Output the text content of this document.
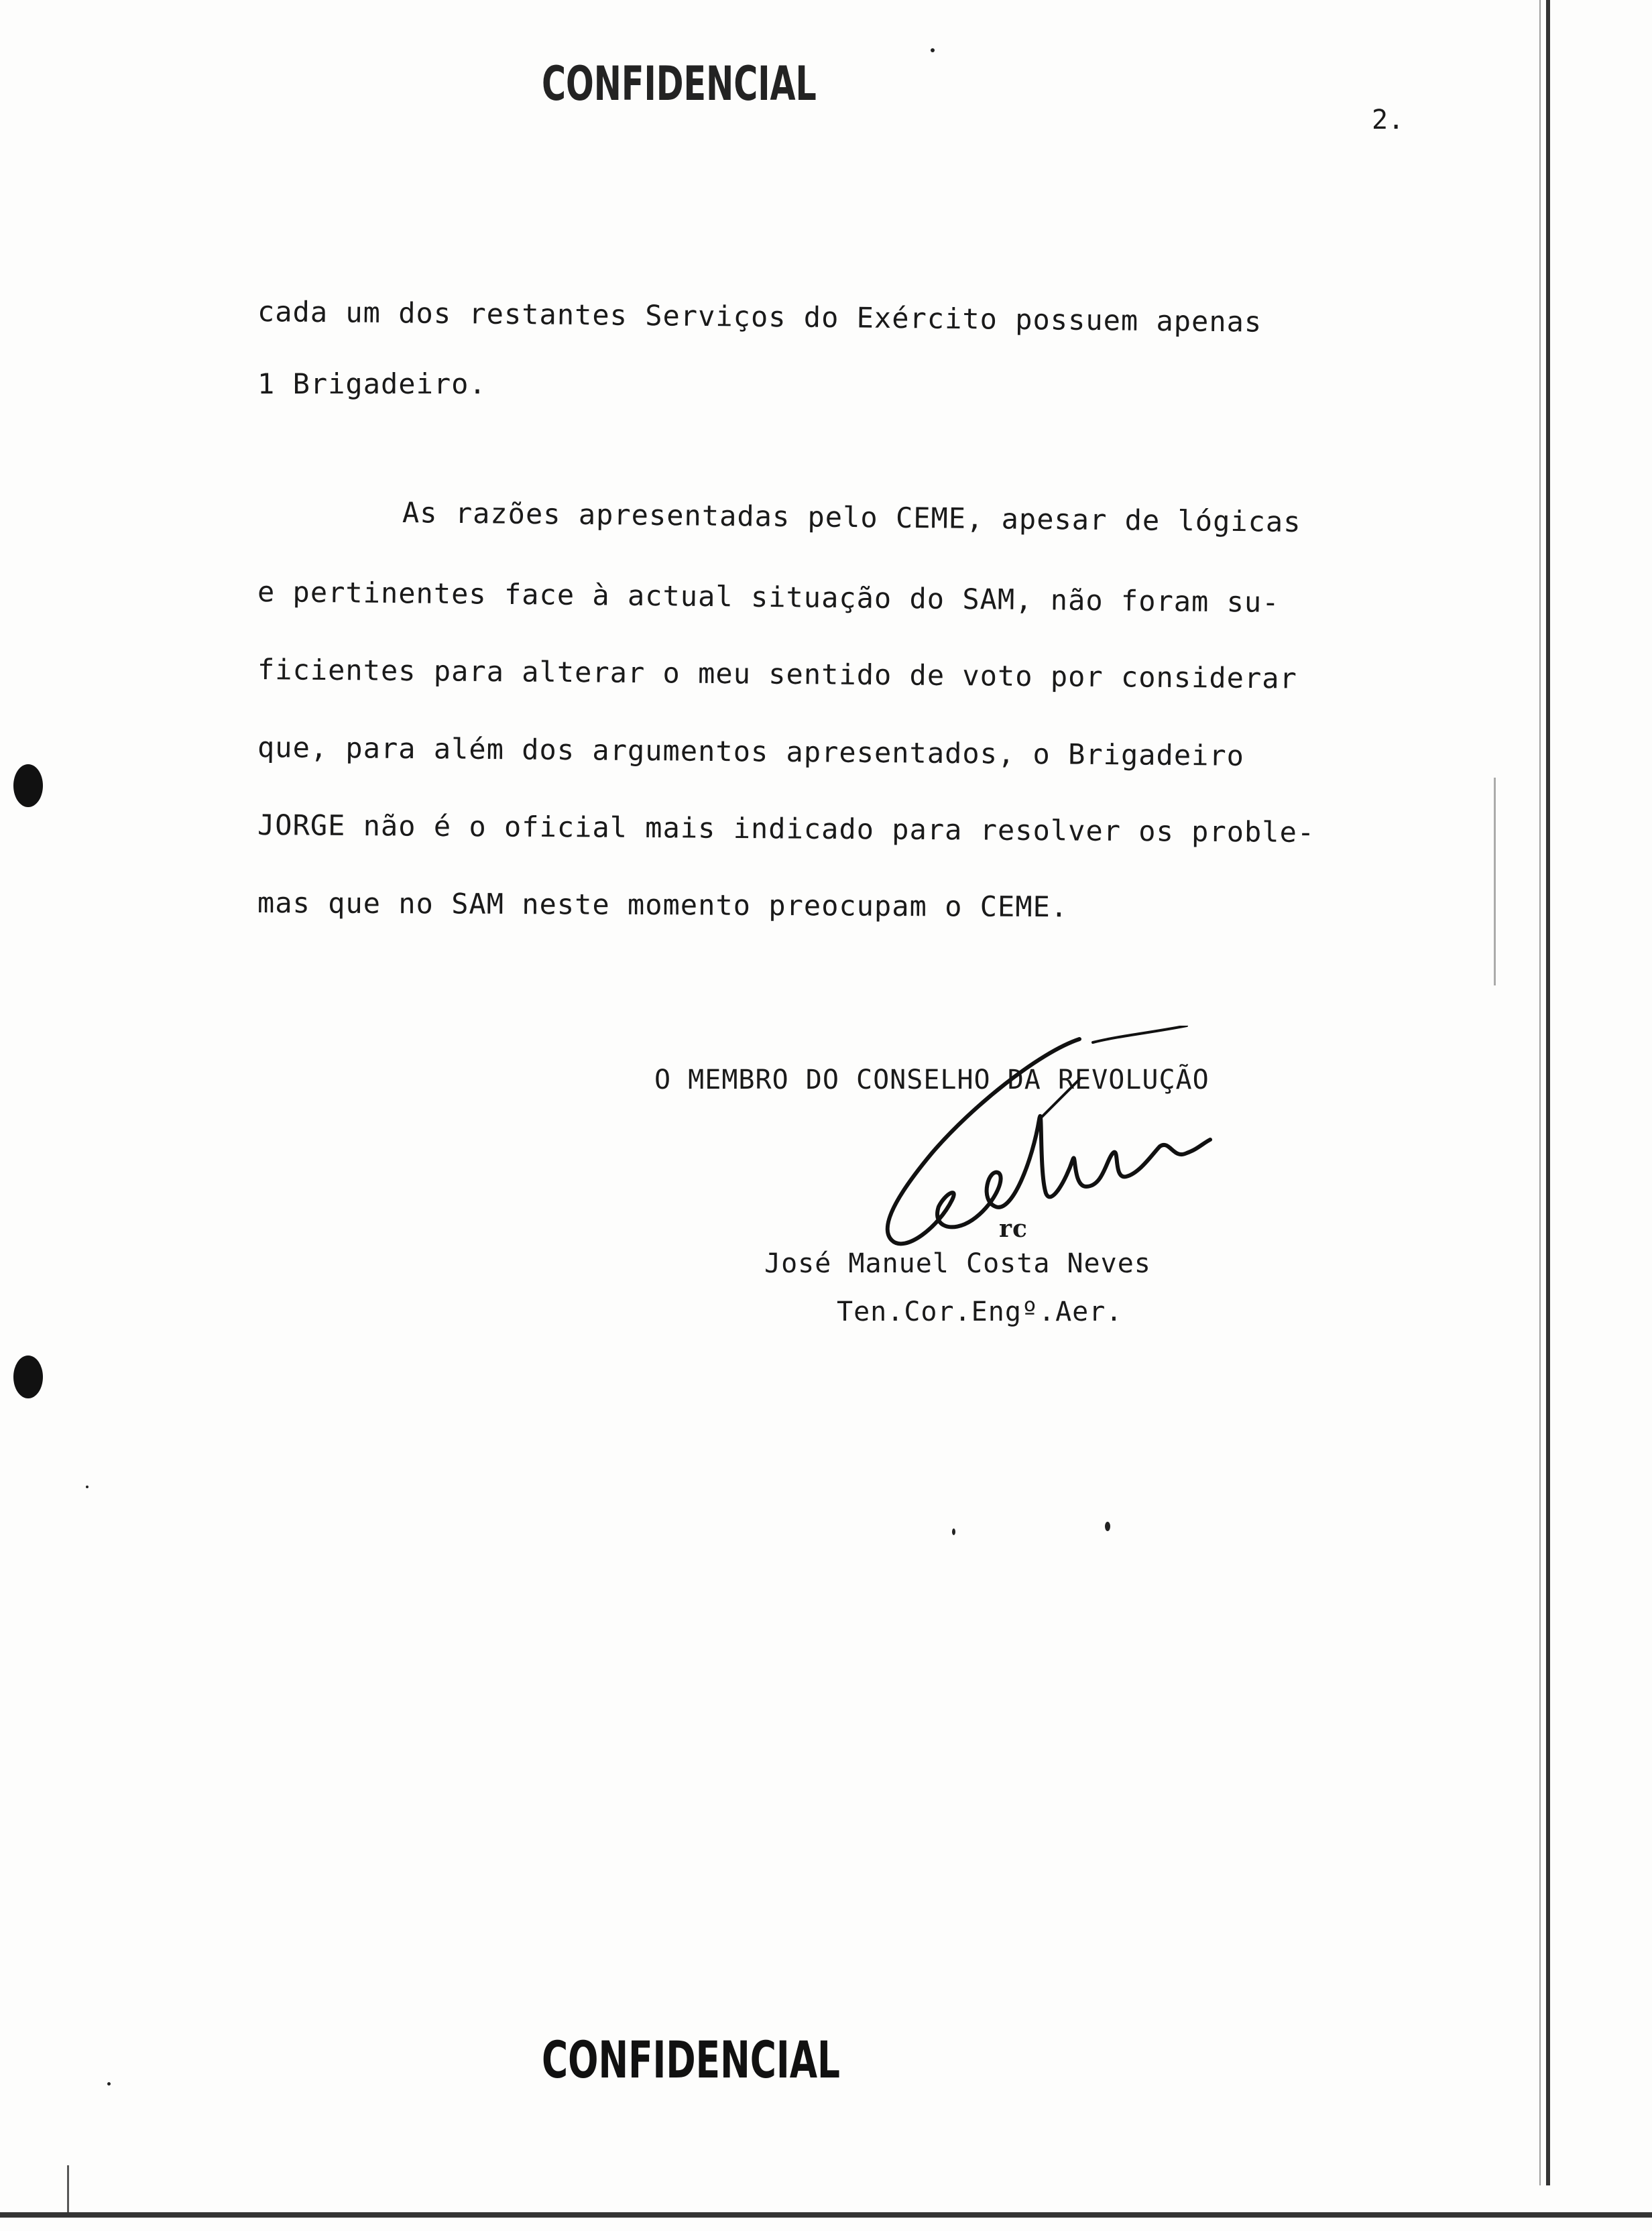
CONFIDENCIAL
2.
cada um dos restantes Serviços do Exército possuem apenas
1 Brigadeiro.
As razões apresentadas pelo CEME, apesar de lógicas
e pertinentes face à actual situação do SAM, não foram su-
ficientes para alterar o meu sentido de voto por considerar
que, para além dos argumentos apresentados, o Brigadeiro
JORGE não é o oficial mais indicado para resolver os proble-
mas que no SAM neste momento preocupam o CEME.
O MEMBRO DO CONSELHO DA REVOLUÇÃO
rc
José Manuel Costa Neves
Ten.Cor.Engº.Aer.
CONFIDENCIAL
